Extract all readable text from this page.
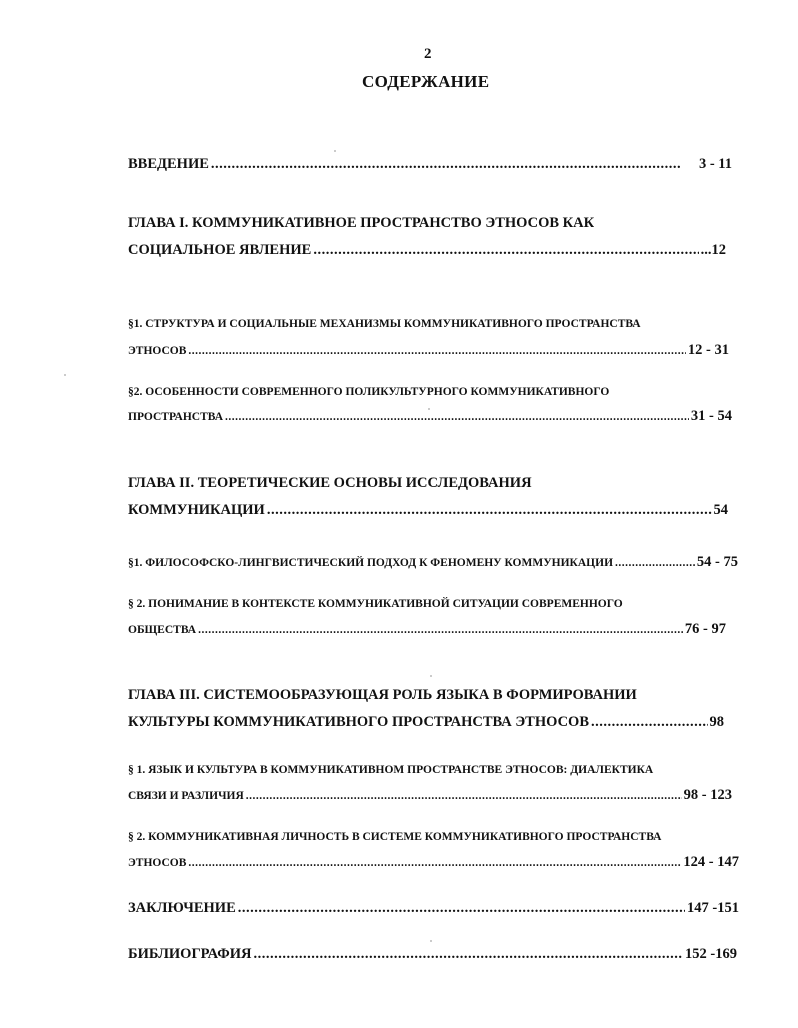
2
СОДЕРЖАНИЕ
ВВЕДЕНИЕ .....	3 - 11
ГЛАВА I. КОММУНИКАТИВНОЕ ПРОСТРАНСТВО ЭТНОСОВ КАК
СОЦИАЛЬНОЕ ЯВЛЕНИЕ .....	...12
§1. СТРУКТУРА И СОЦИАЛЬНЫЕ МЕХАНИЗМЫ КОММУНИКАТИВНОГО ПРОСТРАНСТВА
ЭТНОСОВ .....	12 - 31
§2. ОСОБЕННОСТИ СОВРЕМЕННОГО ПОЛИКУЛЬТУРНОГО КОММУНИКАТИВНОГО
ПРОСТРАНСТВА .....	31 - 54
ГЛАВА II. ТЕОРЕТИЧЕСКИЕ ОСНОВЫ ИССЛЕДОВАНИЯ
КОММУНИКАЦИИ .....	54
§1. ФИЛОСОФСКО-ЛИНГВИСТИЧЕСКИЙ ПОДХОД К ФЕНОМЕНУ КОММУНИКАЦИИ .....	54 - 75
§ 2. ПОНИМАНИЕ В КОНТЕКСТЕ КОММУНИКАТИВНОЙ СИТУАЦИИ СОВРЕМЕННОГО
ОБЩЕСТВА .....	76 - 97
ГЛАВА III. СИСТЕМООБРАЗУЮЩАЯ РОЛЬ ЯЗЫКА В ФОРМИРОВАНИИ
КУЛЬТУРЫ КОММУНИКАТИВНОГО ПРОСТРАНСТВА ЭТНОСОВ .....	98
§ 1. ЯЗЫК И КУЛЬТУРА В КОММУНИКАТИВНОМ ПРОСТРАНСТВЕ ЭТНОСОВ: ДИАЛЕКТИКА
СВЯЗИ И РАЗЛИЧИЯ .....	98 - 123
§ 2. КОММУНИКАТИВНАЯ ЛИЧНОСТЬ В СИСТЕМЕ КОММУНИКАТИВНОГО ПРОСТРАНСТВА
ЭТНОСОВ .....	124 - 147
ЗАКЛЮЧЕНИЕ .....	147 -151
БИБЛИОГРАФИЯ .....	152 -169
